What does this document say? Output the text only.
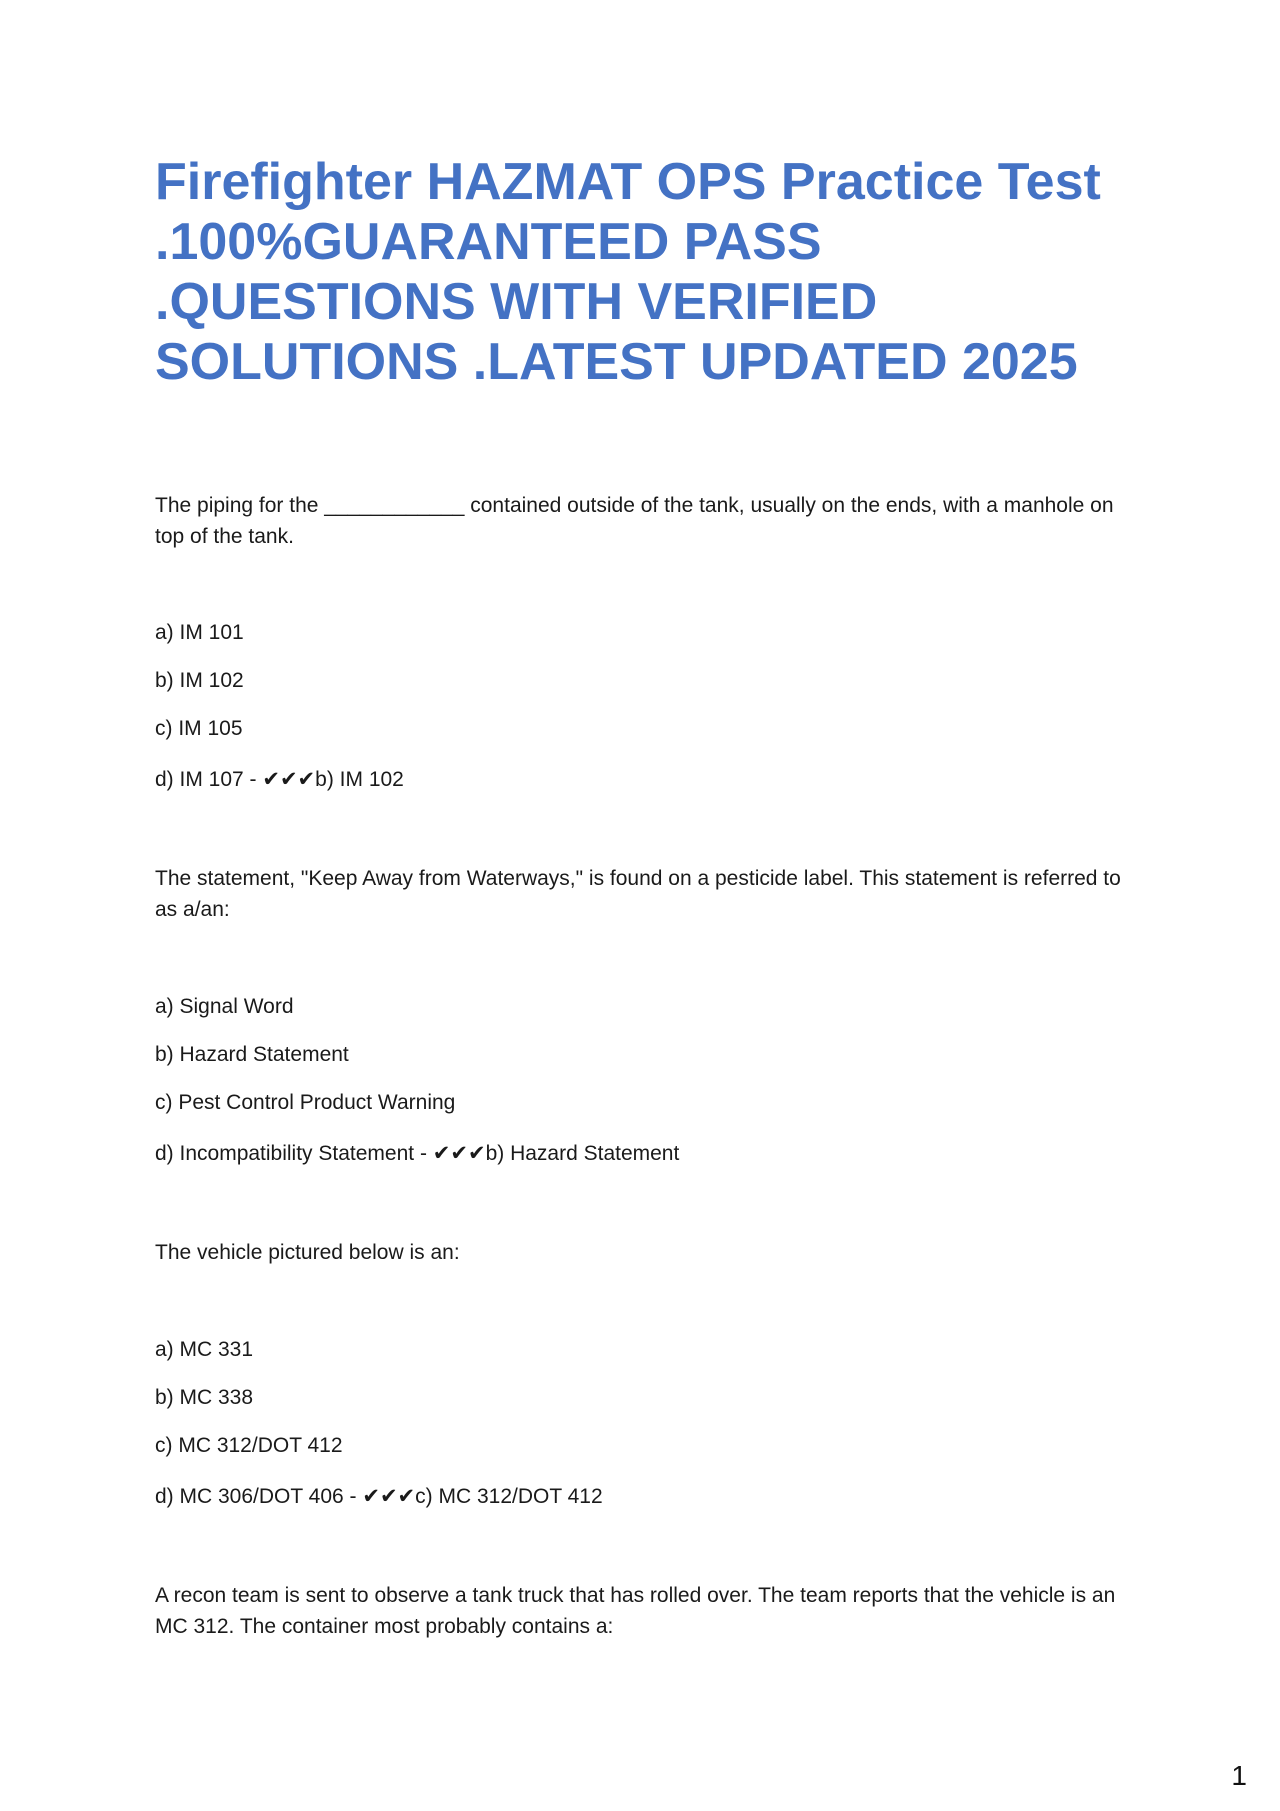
Firefighter HAZMAT OPS Practice Test
.100%GUARANTEED PASS
.QUESTIONS WITH VERIFIED
SOLUTIONS .LATEST UPDATED 2025

The piping for the ____________ contained outside of the tank, usually on the ends, with a manhole on top of the tank.

a) IM 101

b) IM 102

c) IM 105

d) IM 107 - ✔✔✔b) IM 102

The statement, "Keep Away from Waterways," is found on a pesticide label. This statement is referred to as a/an:

a) Signal Word

b) Hazard Statement

c) Pest Control Product Warning

d) Incompatibility Statement - ✔✔✔b) Hazard Statement

The vehicle pictured below is an:

a) MC 331

b) MC 338

c) MC 312/DOT 412

d) MC 306/DOT 406 - ✔✔✔c) MC 312/DOT 412

A recon team is sent to observe a tank truck that has rolled over. The team reports that the vehicle is an MC 312. The container most probably contains a:

1
